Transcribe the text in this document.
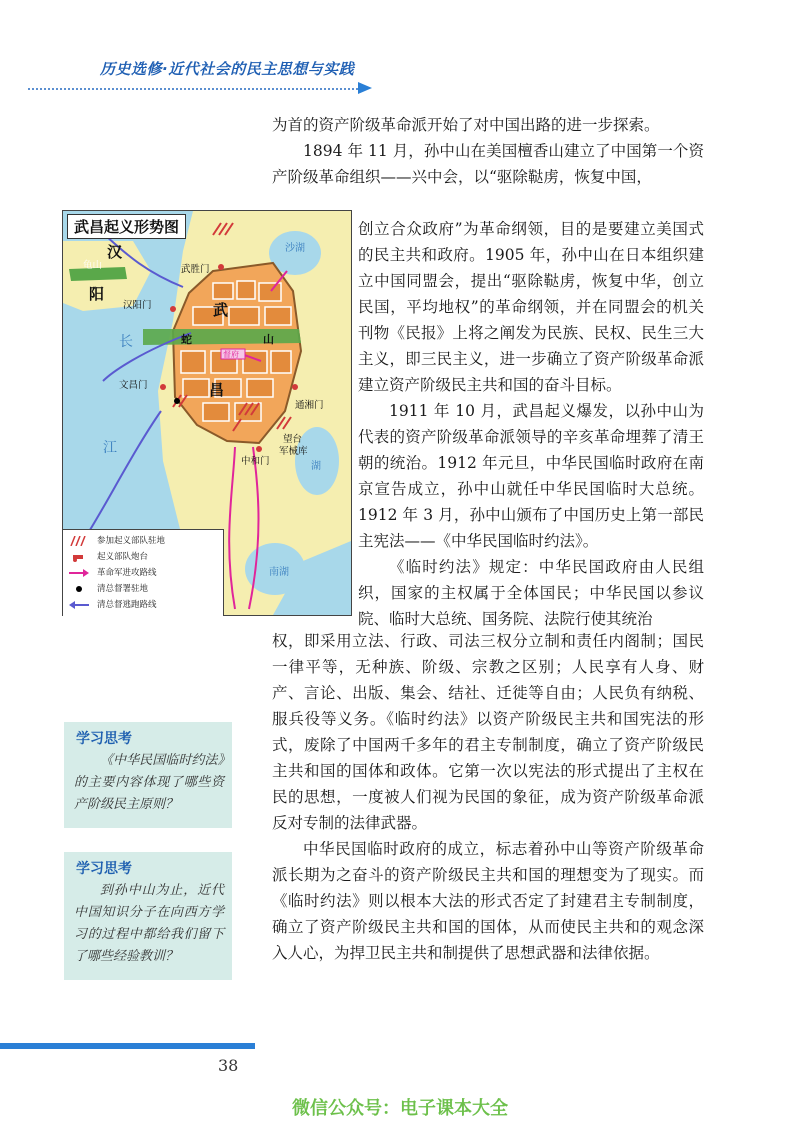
历史选修·近代社会的民主思想与实践

为首的资产阶级革命派开始了对中国出路的进一步探索。

1894 年 11 月，孙中山在美国檀香山建立了中国第一个资产阶级革命组织——兴中会，以“驱除鞑虏，恢复中国，

创立合众政府”为革命纲领，目的是要建立美国式的民主共和政府。1905 年，孙中山在日本组织建立中国同盟会，提出“驱除鞑虏，恢复中华，创立民国，平均地权”的革命纲领，并在同盟会的机关刊物《民报》上将之阐发为民族、民权、民生三大主义，即三民主义，进一步确立了资产阶级革命派建立资产阶级民主共和国的奋斗目标。

1911 年 10 月，武昌起义爆发，以孙中山为代表的资产阶级革命派领导的辛亥革命埋葬了清王朝的统治。1912 年元旦，中华民国临时政府在南京宣告成立，孙中山就任中华民国临时大总统。1912 年 3 月，孙中山颁布了中国历史上第一部民主宪法——《中华民国临时约法》。

《临时约法》规定：中华民国政府由人民组织，国家的主权属于全体国民；中华民国以参议院、临时大总统、国务院、法院行使其统治

权，即采用立法、行政、司法三权分立制和责任内阁制；国民一律平等，无种族、阶级、宗教之区别；人民享有人身、财产、言论、出版、集会、结社、迁徙等自由；人民负有纳税、服兵役等义务。《临时约法》以资产阶级民主共和国宪法的形式，废除了中国两千多年的君主专制制度，确立了资产阶级民主共和国的国体和政体。它第一次以宪法的形式提出了主权在民的思想，一度被人们视为民国的象征，成为资产阶级革命派反对专制的法律武器。

中华民国临时政府的成立，标志着孙中山等资产阶级革命派长期为之奋斗的资产阶级民主共和国的理想变为了现实。而《临时约法》则以根本大法的形式否定了封建君主专制制度，确立了资产阶级民主共和国的国体，从而使民主共和的观念深入人心，为捍卫民主共和制提供了思想武器和法律依据。

武昌起义形势图
汉
阳
龟山
武
昌
蛇	山
长
江
武胜门
汉阳门
文昌门
通湘门
中和门
望台
军械库
督府
沙湖
湖
南湖
参加起义部队驻地
起义部队炮台
革命军进攻路线
清总督署驻地
清总督逃跑路线
学习思考
《中华民国临时约法》的主要内容体现了哪些资产阶级民主原则？
学习思考
到孙中山为止，近代中国知识分子在向西方学习的过程中都给我们留下了哪些经验教训？
38
微信公众号：电子课本大全
